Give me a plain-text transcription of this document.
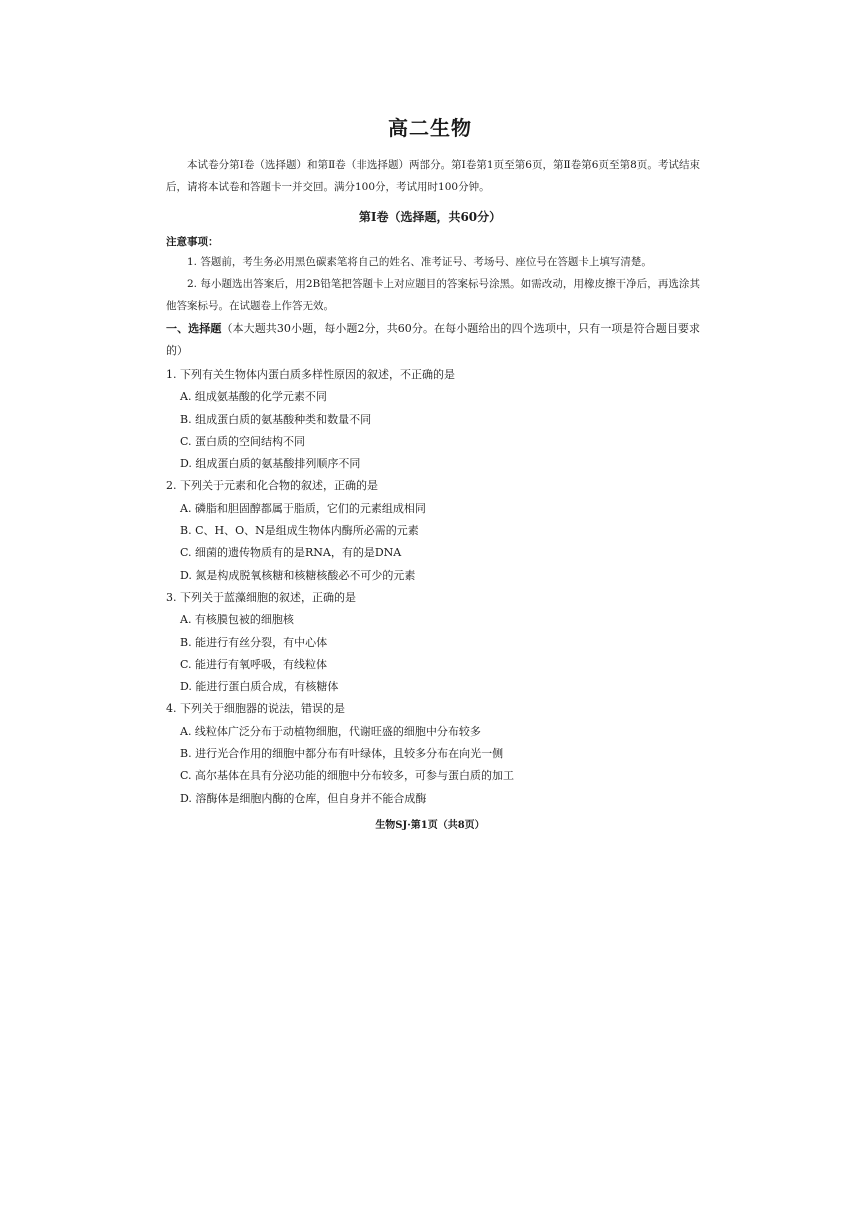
高二生物
本试卷分第Ⅰ卷（选择题）和第Ⅱ卷（非选择题）两部分。第Ⅰ卷第1页至第6页，第Ⅱ卷第6页至第8页。考试结束后，请将本试卷和答题卡一并交回。满分100分，考试用时100分钟。
第Ⅰ卷（选择题，共60分）
注意事项：
1. 答题前，考生务必用黑色碳素笔将自己的姓名、准考证号、考场号、座位号在答题卡上填写清楚。
2. 每小题选出答案后，用2B铅笔把答题卡上对应题目的答案标号涂黑。如需改动，用橡皮擦干净后，再选涂其他答案标号。在试题卷上作答无效。
一、选择题（本大题共30小题，每小题2分，共60分。在每小题给出的四个选项中，只有一项是符合题目要求的）
1. 下列有关生物体内蛋白质多样性原因的叙述，不正确的是
A. 组成氨基酸的化学元素不同
B. 组成蛋白质的氨基酸种类和数量不同
C. 蛋白质的空间结构不同
D. 组成蛋白质的氨基酸排列顺序不同
2. 下列关于元素和化合物的叙述，正确的是
A. 磷脂和胆固醇都属于脂质，它们的元素组成相同
B. C、H、O、N是组成生物体内酶所必需的元素
C. 细菌的遗传物质有的是RNA，有的是DNA
D. 氮是构成脱氧核糖和核糖核酸必不可少的元素
3. 下列关于蓝藻细胞的叙述，正确的是
A. 有核膜包被的细胞核
B. 能进行有丝分裂，有中心体
C. 能进行有氧呼吸，有线粒体
D. 能进行蛋白质合成，有核糖体
4. 下列关于细胞器的说法，错误的是
A. 线粒体广泛分布于动植物细胞，代谢旺盛的细胞中分布较多
B. 进行光合作用的细胞中都分布有叶绿体，且较多分布在向光一侧
C. 高尔基体在具有分泌功能的细胞中分布较多，可参与蛋白质的加工
D. 溶酶体是细胞内酶的仓库，但自身并不能合成酶
生物SJ·第1页（共8页）
